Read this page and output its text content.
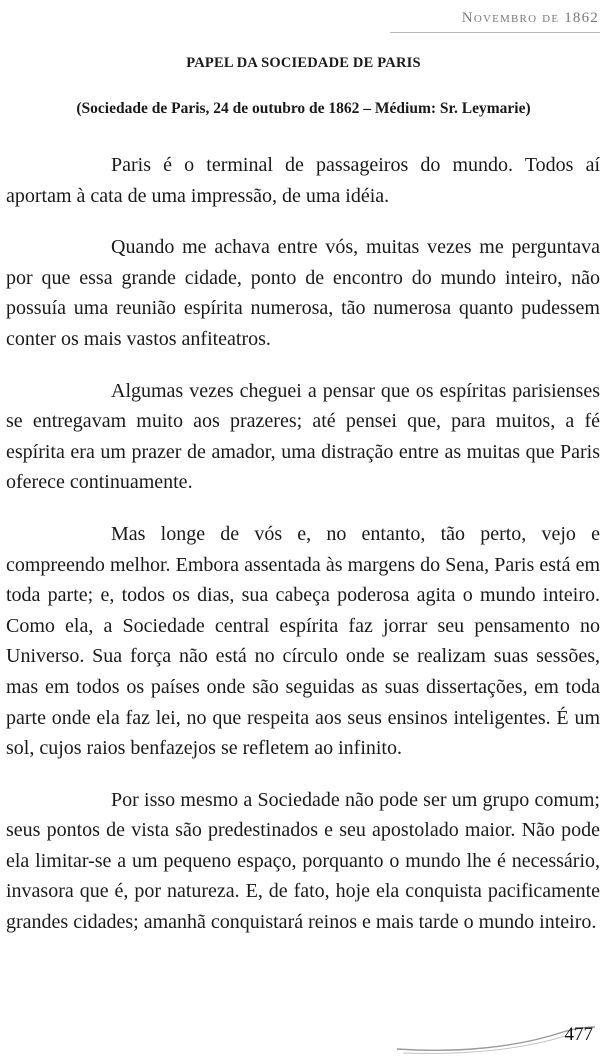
Novembro de 1862
PAPEL DA SOCIEDADE DE PARIS
(Sociedade de Paris, 24 de outubro de 1862 – Médium: Sr. Leymarie)

Paris é o terminal de passageiros do mundo. Todos aí aportam à cata de uma impressão, de uma idéia.

Quando me achava entre vós, muitas vezes me perguntava por que essa grande cidade, ponto de encontro do mundo inteiro, não possuía uma reunião espírita numerosa, tão numerosa quanto pudessem conter os mais vastos anfiteatros.

Algumas vezes cheguei a pensar que os espíritas parisienses se entregavam muito aos prazeres; até pensei que, para muitos, a fé espírita era um prazer de amador, uma distração entre as muitas que Paris oferece continuamente.

Mas longe de vós e, no entanto, tão perto, vejo e compreendo melhor. Embora assentada às margens do Sena, Paris está em toda parte; e, todos os dias, sua cabeça poderosa agita o mundo inteiro. Como ela, a Sociedade central espírita faz jorrar seu pensamento no Universo. Sua força não está no círculo onde se realizam suas sessões, mas em todos os países onde são seguidas as suas dissertações, em toda parte onde ela faz lei, no que respeita aos seus ensinos inteligentes. É um sol, cujos raios benfazejos se refletem ao infinito.

Por isso mesmo a Sociedade não pode ser um grupo comum; seus pontos de vista são predestinados e seu apostolado maior. Não pode ela limitar-se a um pequeno espaço, porquanto o mundo lhe é necessário, invasora que é, por natureza. E, de fato, hoje ela conquista pacificamente grandes cidades; amanhã conquistará reinos e mais tarde o mundo inteiro.

477
